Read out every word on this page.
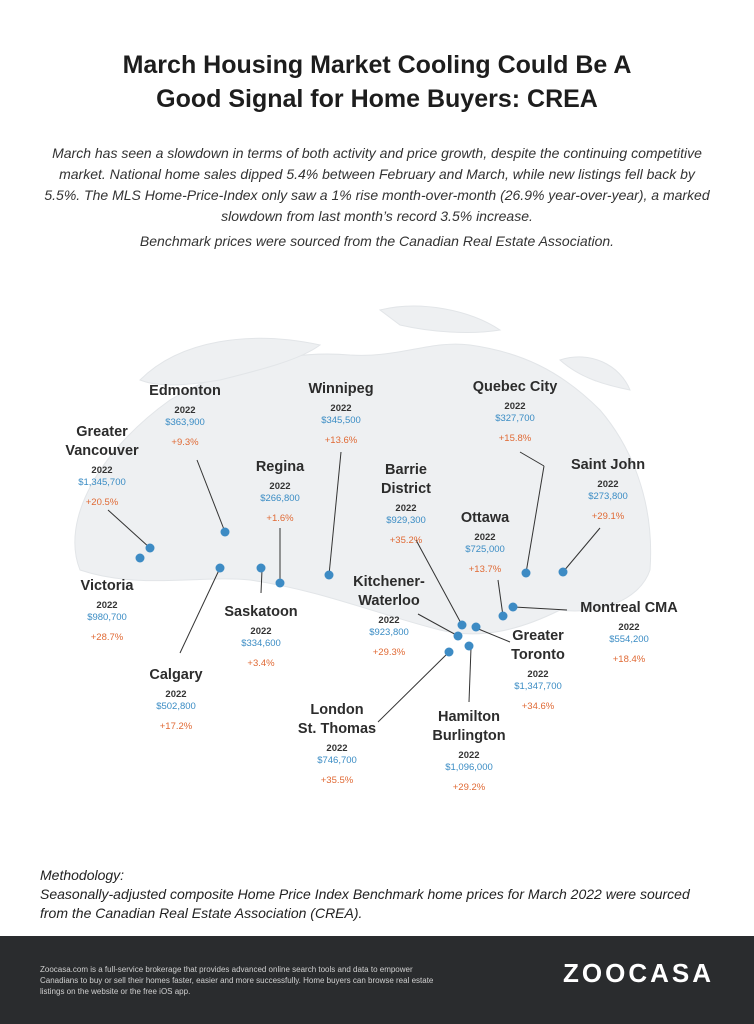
March Housing Market Cooling Could Be A
Good Signal for Home Buyers: CREA

March has seen a slowdown in terms of both activity and price growth, despite the continuing competitive market. National home sales dipped 5.4% between February and March, while new listings fell back by 5.5%. The MLS Home-Price-Index only saw a 1% rise month-over-month (26.9% year-over-year), a marked slowdown from last month’s record 3.5% increase.

Benchmark prices were sourced from the Canadian Real Estate Association.
Edmonton
2022
$363,900
+9.3%
Winnipeg
2022
$345,500
+13.6%
Quebec City
2022
$327,700
+15.8%
Greater
Vancouver
2022
$1,345,700
+20.5%
Regina
2022
$266,800
+1.6%
Barrie
District
2022
$929,300
+35.2%
Saint John
2022
$273,800
+29.1%
Ottawa
2022
$725,000
+13.7%
Victoria
2022
$980,700
+28.7%
Kitchener-
Waterloo
2022
$923,800
+29.3%
Saskatoon
2022
$334,600
+3.4%
Montreal CMA
2022
$554,200
+18.4%
Greater
Toronto
2022
$1,347,700
+34.6%
Calgary
2022
$502,800
+17.2%
London
St. Thomas
2022
$746,700
+35.5%
Hamilton
Burlington
2022
$1,096,000
+29.2%
Methodology:
Seasonally-adjusted composite Home Price Index Benchmark home prices for March 2022 were sourced from the Canadian Real Estate Association (CREA).
Zoocasa.com is a full-service brokerage that provides advanced online search tools and data to empower Canadians to buy or sell their homes faster, easier and more successfully. Home buyers can browse real estate listings on the website or the free iOS app.
ZOOCASA
